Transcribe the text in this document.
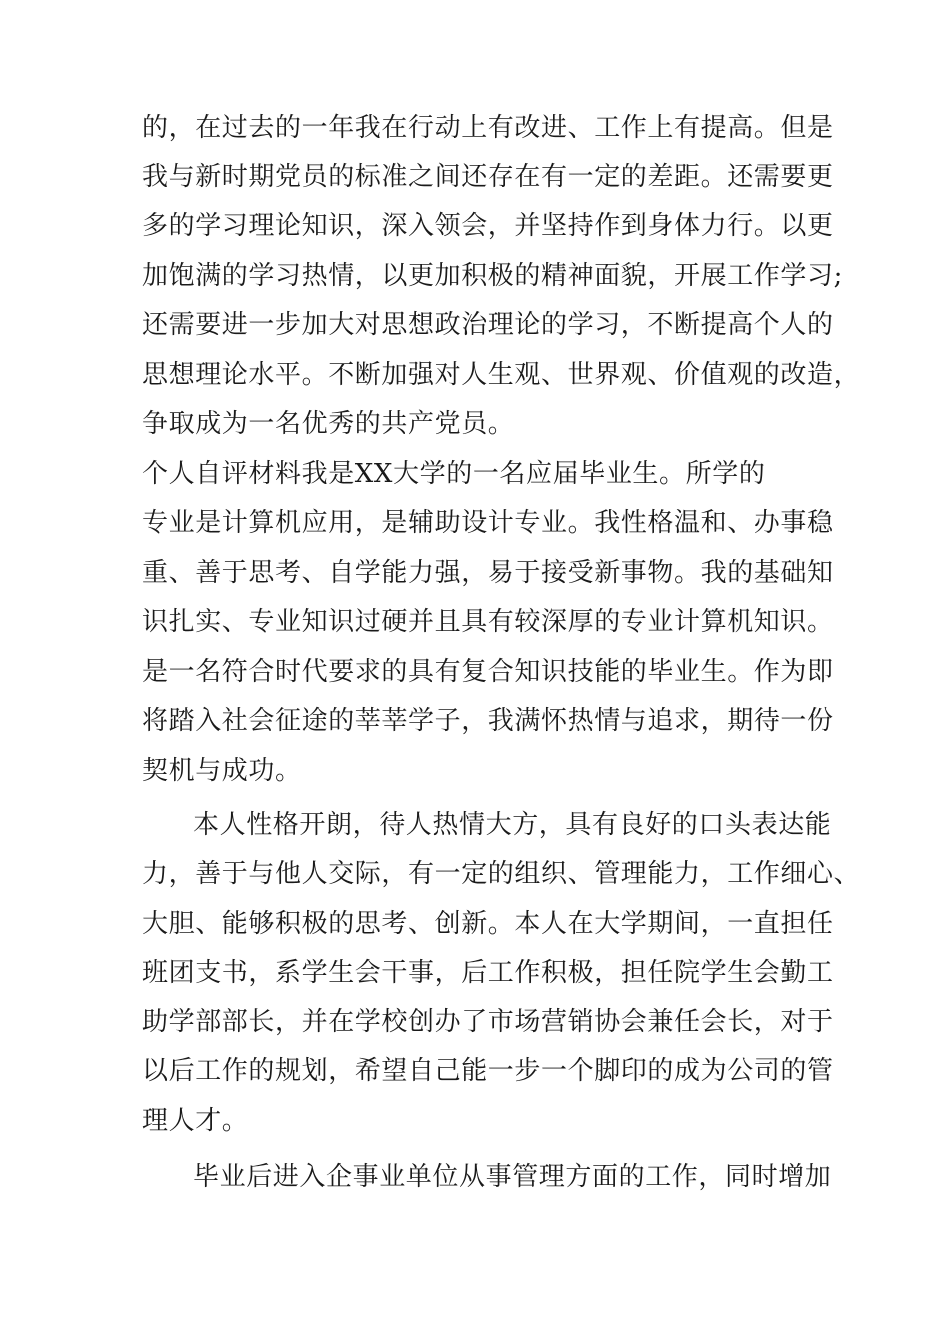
的，在过去的一年我在行动上有改进、工作上有提高。但是
我与新时期党员的标准之间还存在有一定的差距。还需要更
多的学习理论知识，深入领会，并坚持作到身体力行。以更
加饱满的学习热情，以更加积极的精神面貌，开展工作学习;
还需要进一步加大对思想政治理论的学习，不断提高个人的
思想理论水平。不断加强对人生观、世界观、价值观的改造，
争取成为一名优秀的共产党员。
个人自评材料我是XX大学的一名应届毕业生。所学的
专业是计算机应用，是辅助设计专业。我性格温和、办事稳
重、善于思考、自学能力强，易于接受新事物。我的基础知
识扎实、专业知识过硬并且具有较深厚的专业计算机知识。
是一名符合时代要求的具有复合知识技能的毕业生。作为即
将踏入社会征途的莘莘学子，我满怀热情与追求，期待一份
契机与成功。
本人性格开朗，待人热情大方，具有良好的口头表达能
力，善于与他人交际，有一定的组织、管理能力，工作细心、
大胆、能够积极的思考、创新。本人在大学期间，一直担任
班团支书，系学生会干事，后工作积极，担任院学生会勤工
助学部部长，并在学校创办了市场营销协会兼任会长，对于
以后工作的规划，希望自己能一步一个脚印的成为公司的管
理人才。
毕业后进入企事业单位从事管理方面的工作，同时增加
